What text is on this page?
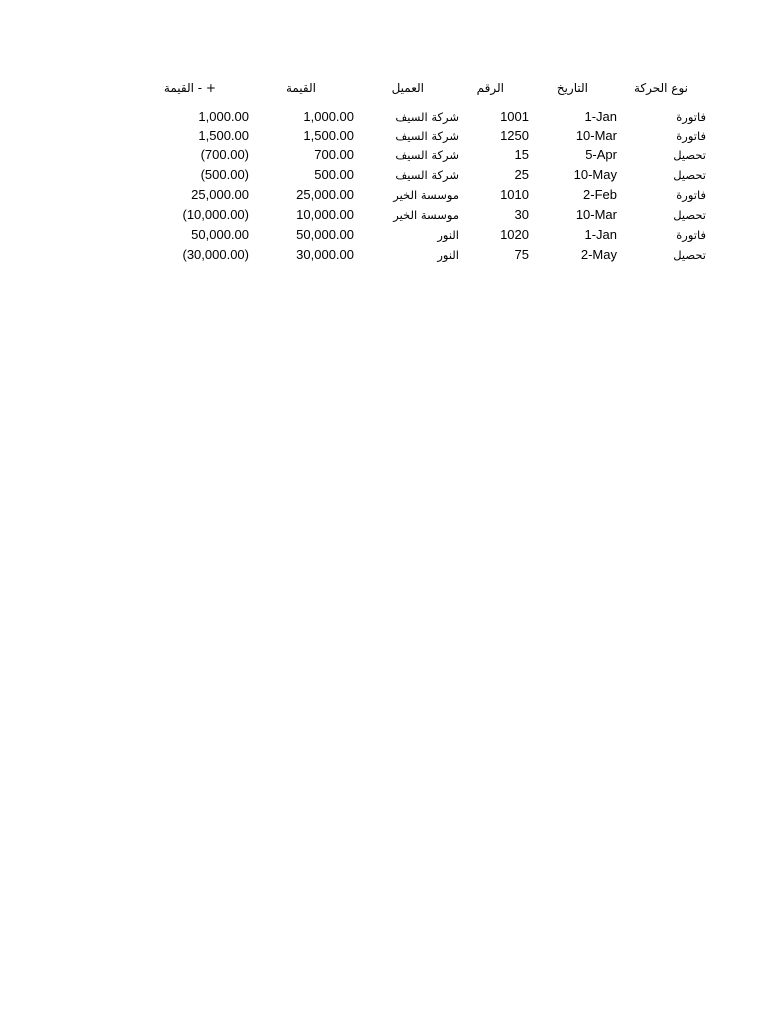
نوع الحركة
التاريخ
الرقم
العميل
القيمة
+ - القيمة
فاتورة
1-Jan
1001
شركة السيف
1,000.00
1,000.00
فاتورة
10-Mar
1250
شركة السيف
1,500.00
1,500.00
تحصيل
5-Apr
15
شركة السيف
700.00
(700.00)
تحصيل
10-May
25
شركة السيف
500.00
(500.00)
فاتورة
2-Feb
1010
موسسة الخير
25,000.00
25,000.00
تحصيل
10-Mar
30
موسسة الخير
10,000.00
(10,000.00)
فاتورة
1-Jan
1020
النور
50,000.00
50,000.00
تحصيل
2-May
75
النور
30,000.00
(30,000.00)
